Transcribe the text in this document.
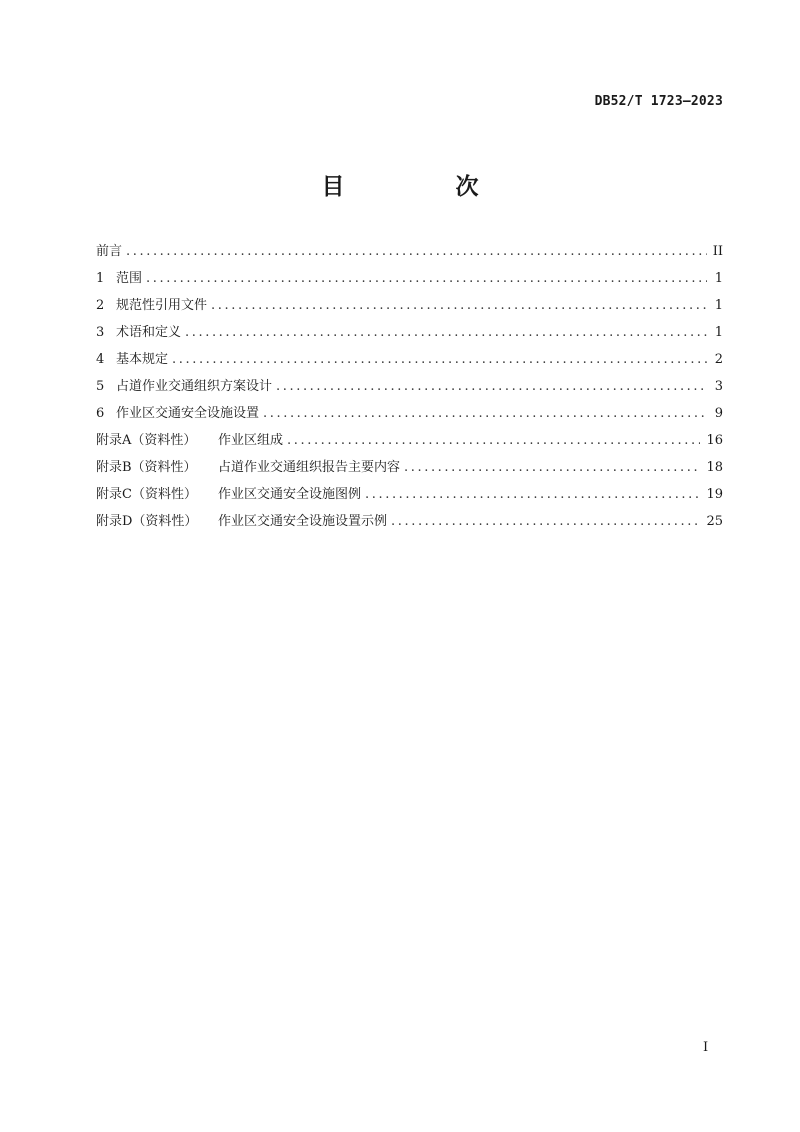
DB52/T 1723—2023
目　次
前言 .....	II
1 范围 .....	1
2 规范性引用文件 .....	1
3 术语和定义 .....	1
4 基本规定 .....	2
5 占道作业交通组织方案设计 .....	3
6 作业区交通安全设施设置 .....	9
附录A（资料性） 作业区组成 .....	16
附录B（资料性） 占道作业交通组织报告主要内容 .....	18
附录C（资料性） 作业区交通安全设施图例 .....	19
附录D（资料性） 作业区交通安全设施设置示例 .....	25
I
